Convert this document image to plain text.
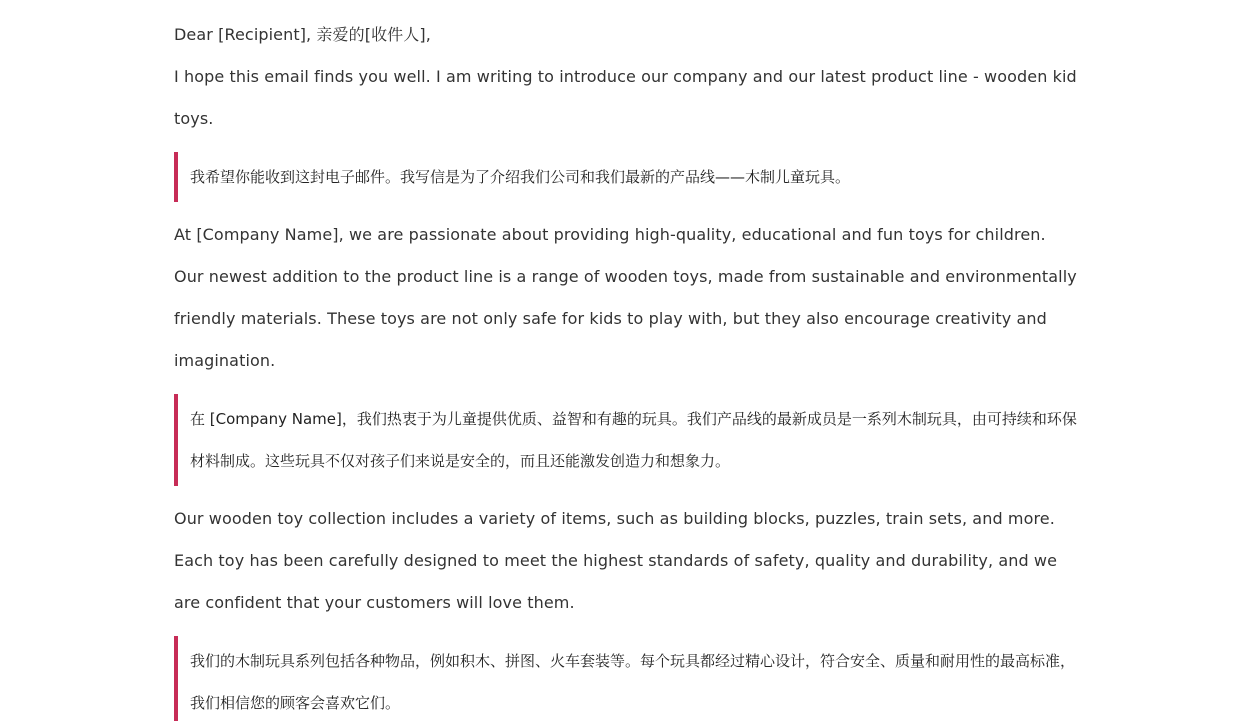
Dear [Recipient], 亲爱的[收件人],
I hope this email finds you well. I am writing to introduce our company and our latest product line - wooden kid toys.
我希望你能收到这封电子邮件。我写信是为了介绍我们公司和我们最新的产品线——木制儿童玩具。
At [Company Name], we are passionate about providing high-quality, educational and fun toys for children. Our newest addition to the product line is a range of wooden toys, made from sustainable and environmentally friendly materials. These toys are not only safe for kids to play with, but they also encourage creativity and imagination.
在 [Company Name]，我们热衷于为儿童提供优质、益智和有趣的玩具。我们产品线的最新成员是一系列木制玩具，由可持续和环保材料制成。这些玩具不仅对孩子们来说是安全的，而且还能激发创造力和想象力。
Our wooden toy collection includes a variety of items, such as building blocks, puzzles, train sets, and more. Each toy has been carefully designed to meet the highest standards of safety, quality and durability, and we are confident that your customers will love them.
我们的木制玩具系列包括各种物品，例如积木、拼图、火车套装等。每个玩具都经过精心设计，符合安全、质量和耐用性的最高标准，我们相信您的顾客会喜欢它们。
